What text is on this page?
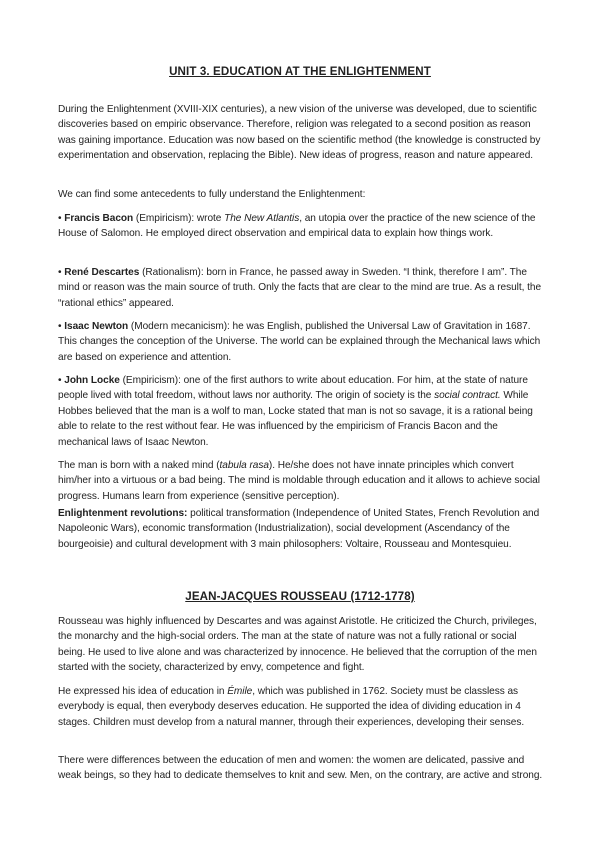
UNIT 3. EDUCATION AT THE ENLIGHTENMENT

During the Enlightenment (XVIII-XIX centuries), a new vision of the universe was developed, due to scientific discoveries based on empiric observance. Therefore, religion was relegated to a second position as reason was gaining importance. Education was now based on the scientific method (the knowledge is constructed by experimentation and observation, replacing the Bible). New ideas of progress, reason and nature appeared.

We can find some antecedents to fully understand the Enlightenment:

• Francis Bacon (Empiricism): wrote The New Atlantis, an utopia over the practice of the new science of the House of Salomon. He employed direct observation and empirical data to explain how things work.

• René Descartes (Rationalism): born in France, he passed away in Sweden. “I think, therefore I am”. The mind or reason was the main source of truth. Only the facts that are clear to the mind are true. As a result, the “rational ethics” appeared.

• Isaac Newton (Modern mecanicism): he was English, published the Universal Law of Gravitation in 1687. This changes the conception of the Universe. The world can be explained through the Mechanical laws which are based on experience and attention.

• John Locke (Empiricism): one of the first authors to write about education. For him, at the state of nature people lived with total freedom, without laws nor authority. The origin of society is the social contract. While Hobbes believed that the man is a wolf to man, Locke stated that man is not so savage, it is a rational being able to relate to the rest without fear. He was influenced by the empiricism of Francis Bacon and the mechanical laws of Isaac Newton.

The man is born with a naked mind (tabula rasa). He/she does not have innate principles which convert him/her into a virtuous or a bad being. The mind is moldable through education and it allows to achieve social progress. Humans learn from experience (sensitive perception).

Enlightenment revolutions: political transformation (Independence of United States, French Revolution and Napoleonic Wars), economic transformation (Industrialization), social development (Ascendancy of the bourgeoisie) and cultural development with 3 main philosophers: Voltaire, Rousseau and Montesquieu.

JEAN-JACQUES ROUSSEAU (1712-1778)

Rousseau was highly influenced by Descartes and was against Aristotle. He criticized the Church, privileges, the monarchy and the high-social orders. The man at the state of nature was not a fully rational or social being. He used to live alone and was characterized by innocence. He believed that the corruption of the men started with the society, characterized by envy, competence and fight.

He expressed his idea of education in Émile, which was published in 1762. Society must be classless as everybody is equal, then everybody deserves education. He supported the idea of dividing education in 4 stages. Children must develop from a natural manner, through their experiences, developing their senses.

There were differences between the education of men and women: the women are delicated, passive and weak beings, so they had to dedicate themselves to knit and sew. Men, on the contrary, are active and strong.
